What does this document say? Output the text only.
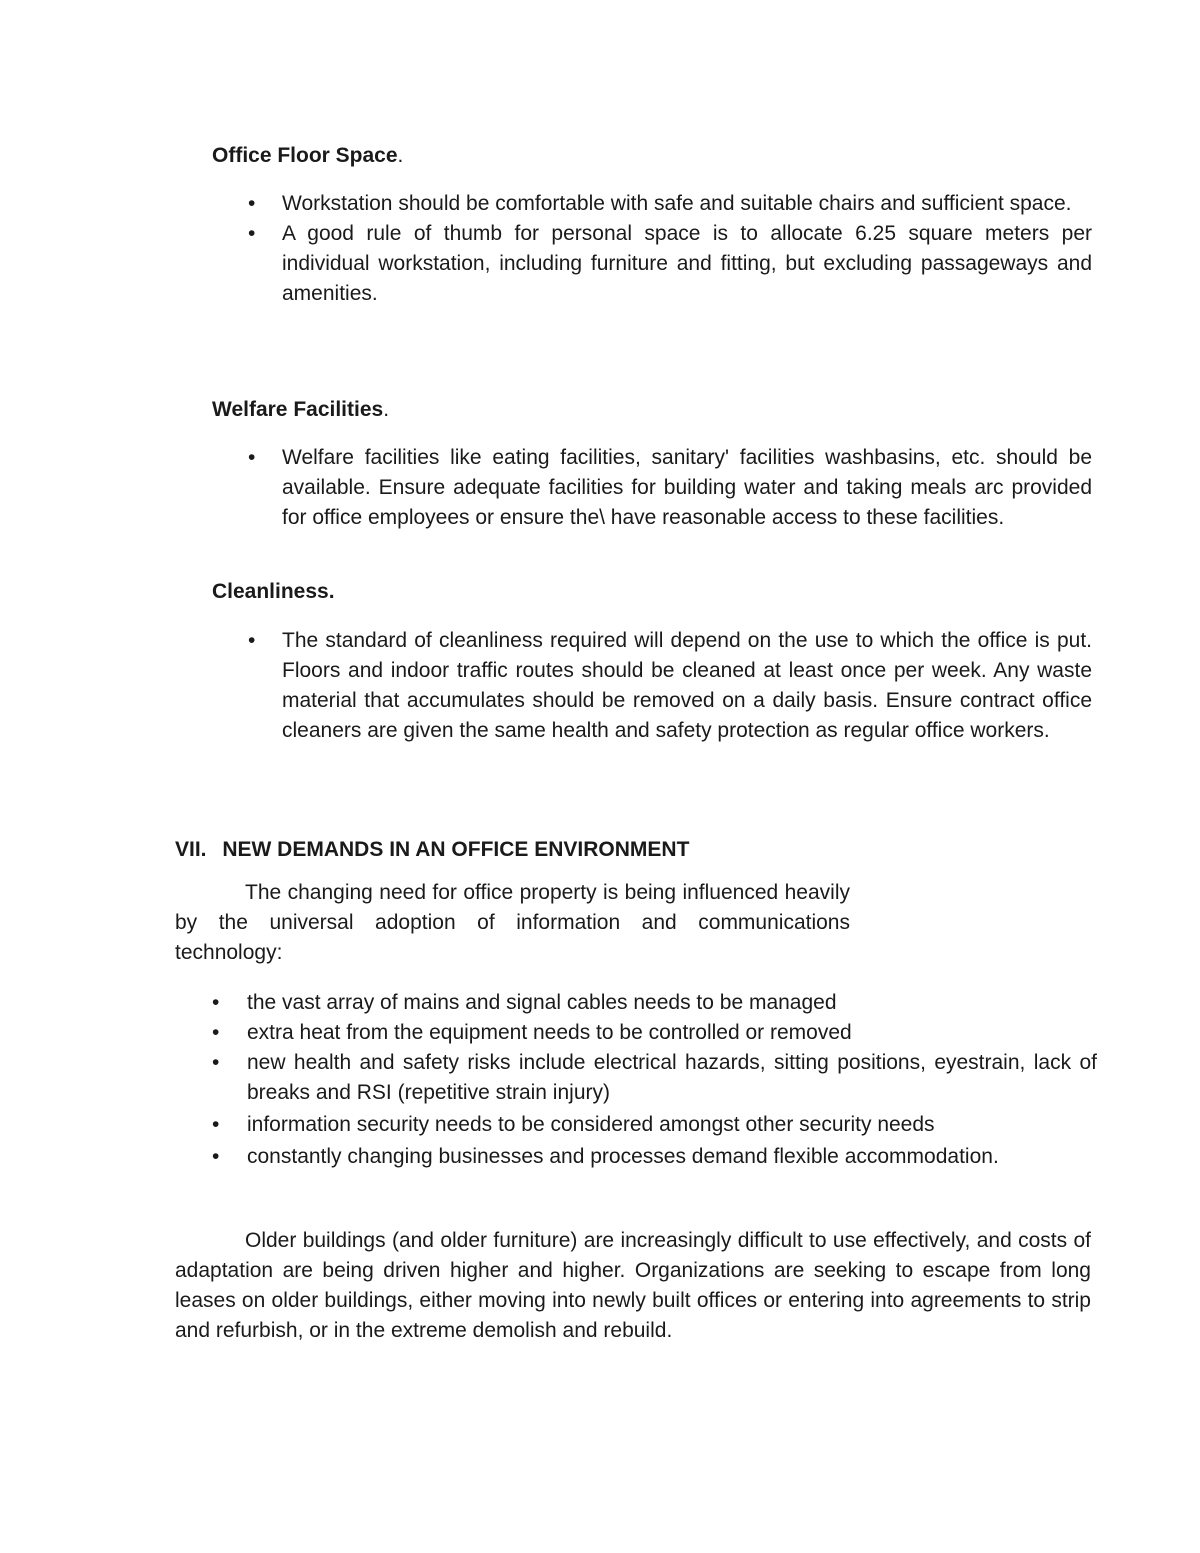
Office Floor Space.
• Workstation should be comfortable with safe and suitable chairs and sufficient space.
• A good rule of thumb for personal space is to allocate 6.25 square meters per individual workstation, including furniture and fitting, but excluding passageways and amenities.
Welfare Facilities.
• Welfare facilities like eating facilities, sanitary' facilities washbasins, etc. should be available. Ensure adequate facilities for building water and taking meals arc provided for office employees or ensure the\ have reasonable access to these facilities.
Cleanliness.
• The standard of cleanliness required will depend on the use to which the office is put. Floors and indoor traffic routes should be cleaned at least once per week. Any waste material that accumulates should be removed on a daily basis. Ensure contract office cleaners are given the same health and safety protection as regular office workers.
VII. NEW DEMANDS IN AN OFFICE ENVIRONMENT

The changing need for office property is being influenced heavily by the universal adoption of information and communications technology:

• the vast array of mains and signal cables needs to be managed
• extra heat from the equipment needs to be controlled or removed
• new health and safety risks include electrical hazards, sitting positions, eyestrain, lack of breaks and RSI (repetitive strain injury)
• information security needs to be considered amongst other security needs
• constantly changing businesses and processes demand flexible accommodation.

Older buildings (and older furniture) are increasingly difficult to use effectively, and costs of adaptation are being driven higher and higher. Organizations are seeking to escape from long leases on older buildings, either moving into newly built offices or entering into agreements to strip and refurbish, or in the extreme demolish and rebuild.
